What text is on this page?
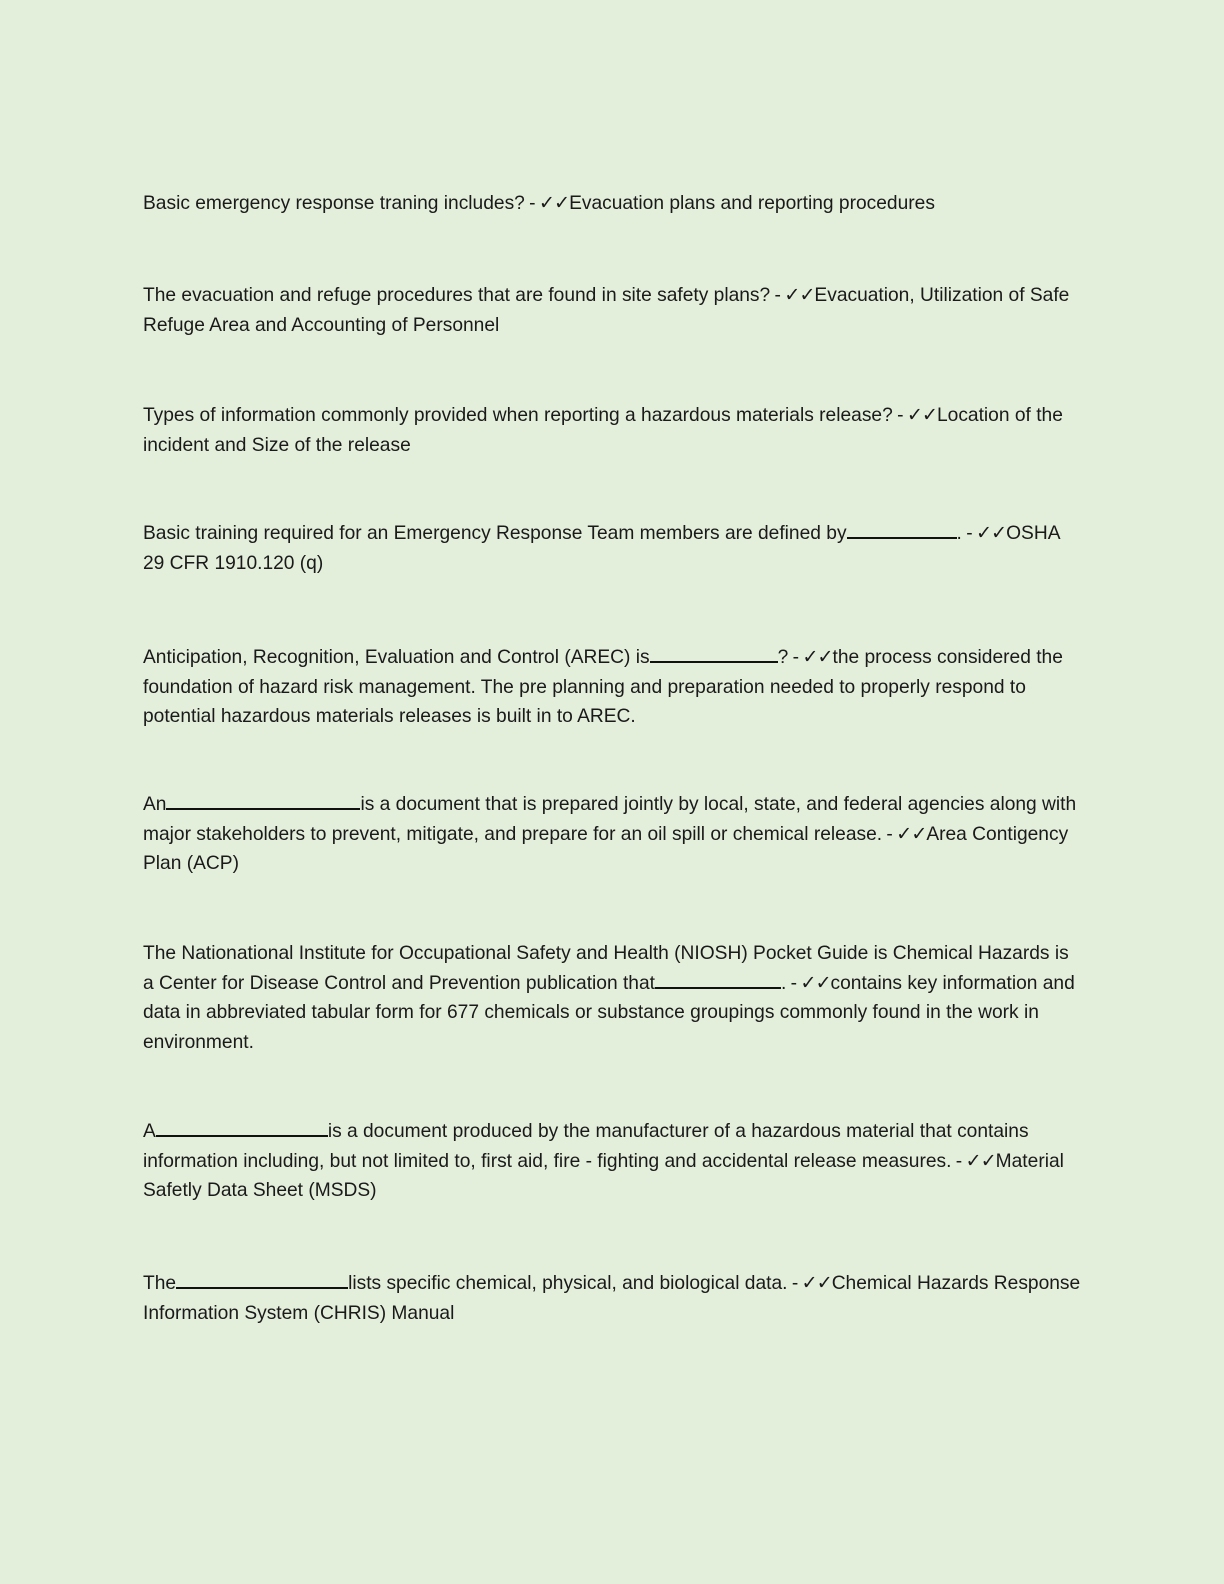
Basic emergency response traning includes? - ✓✓Evacuation plans and reporting procedures

The evacuation and refuge procedures that are found in site safety plans? - ✓✓Evacuation, Utilization of Safe Refuge Area and Accounting of Personnel

Types of information commonly provided when reporting a hazardous materials release? - ✓✓Location of the incident and Size of the release

Basic training required for an Emergency Response Team members are defined by	. - ✓✓OSHA 29 CFR 1910.120 (q)

Anticipation, Recognition, Evaluation and Control (AREC) is	? - ✓✓the process considered the foundation of hazard risk management. The pre planning and preparation needed to properly respond to potential hazardous materials releases is built in to AREC.

An	is a document that is prepared jointly by local, state, and federal agencies along with major stakeholders to prevent, mitigate, and prepare for an oil spill or chemical release. - ✓✓Area Contigency Plan (ACP)

The Nationational Institute for Occupational Safety and Health (NIOSH) Pocket Guide is Chemical Hazards is a Center for Disease Control and Prevention publication that	. - ✓✓contains key information and data in abbreviated tabular form for 677 chemicals or substance groupings commonly found in the work in environment.

A	is a document produced by the manufacturer of a hazardous material that contains information including, but not limited to, first aid, fire - fighting and accidental release measures. - ✓✓Material Safetly Data Sheet (MSDS)

The	lists specific chemical, physical, and biological data. - ✓✓Chemical Hazards Response Information System (CHRIS) Manual
